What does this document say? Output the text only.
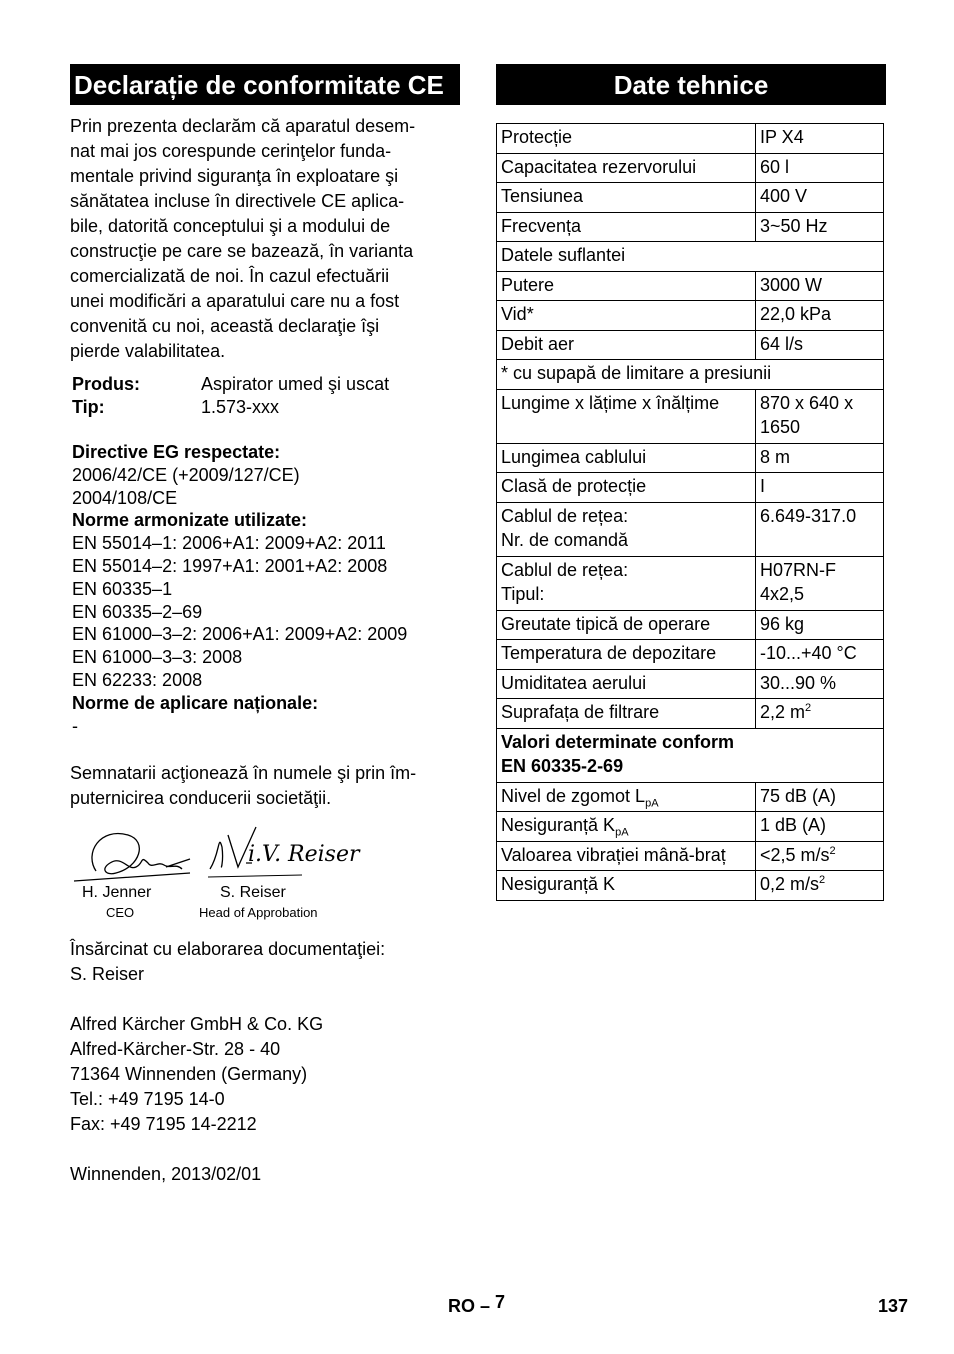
Declarație de conformitate CE

Prin prezenta declarăm că aparatul desem-

nat mai jos corespunde cerinţelor funda-

mentale privind siguranţa în exploatare şi

sănătatea incluse în directivele CE aplica-

bile, datorită conceptului şi a modului de

construcţie pe care se bazează, în varianta

comercializată de noi. În cazul efectuării

unei modificări a aparatului care nu a fost

convenită cu noi, această declaraţie îşi

pierde valabilitatea.

Produs:	Aspirator umed şi uscat
Tip:	1.573-xxx
Directive EG respectate:
2006/42/CE (+2009/127/CE)
2004/108/CE
Norme armonizate utilizate:
EN 55014–1: 2006+A1: 2009+A2: 2011
EN 55014–2: 1997+A1: 2001+A2: 2008
EN 60335–1
EN 60335–2–69
EN 61000–3–2: 2006+A1: 2009+A2: 2009
EN 61000–3–3: 2008
EN 62233: 2008
Norme de aplicare naționale:
-

Semnatarii acţionează în numele şi prin îm-

puternicirea conducerii societăţii.

i.V. Reiser
H. Jenner
CEO
S. Reiser
Head of Approbation

Însărcinat cu elaborarea documentaţiei:

S. Reiser

Alfred Kärcher GmbH & Co. KG

Alfred-Kärcher-Str. 28 - 40

71364 Winnenden (Germany)

Tel.: +49 7195 14-0

Fax: +49 7195 14-2212

Winnenden, 2013/02/01

Date tehnice
Protecție	IP X4
Capacitatea rezervorului	60 l
Tensiunea	400 V
Frecvența	3~50 Hz
Datele suflantei	
Putere	3000 W
Vid*	22,0 kPa
Debit aer	64 l/s
* cu supapă de limitare a presiunii	
Lungime x lățime x înălțime	870 x 640 x
1650
Lungimea cablului	8 m
Clasă de protecție	I
Cablul de rețea:
Nr. de comandă	6.649-317.0
Cablul de rețea:
Tipul:	H07RN-F
4x2,5
Greutate tipică de operare	96 kg
Temperatura de depozitare	-10...+40 °C
Umiditatea aerului	30...90 %
Suprafața de filtrare	2,2 $m^2$
Valori determinate conform
EN 60335-2-69	
Nivel de zgomot $L_{pA}$	75 dB (A)
Nesiguranță $K_{pA}$	1 dB (A)
Valoarea vibrației mână-braț	<2,5 $m/s^2$
Nesiguranță K	0,2 $m/s^2$
RO – 7	137
